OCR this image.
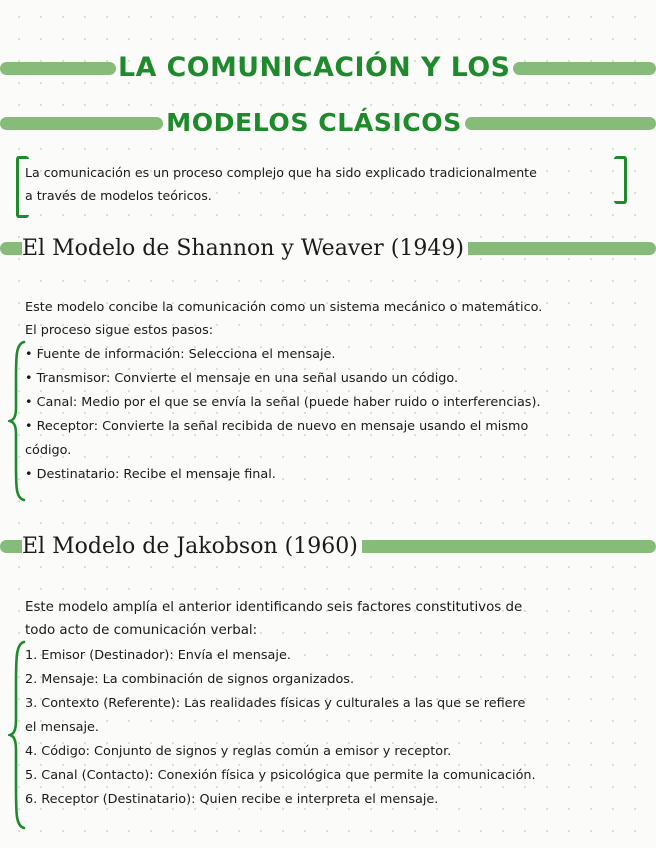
LA COMUNICACIÓN Y LOS
MODELOS CLÁSICOS

La comunicación es un proceso complejo que ha sido explicado tradicionalmente

a través de modelos teóricos.

El Modelo de Shannon y Weaver (1949)

Este modelo concibe la comunicación como un sistema mecánico o matemático.

El proceso sigue estos pasos:

• Fuente de información: Selecciona el mensaje.

• Transmisor: Convierte el mensaje en una señal usando un código.

• Canal: Medio por el que se envía la señal (puede haber ruido o interferencias).

• Receptor: Convierte la señal recibida de nuevo en mensaje usando el mismo

código.

• Destinatario: Recibe el mensaje final.

El Modelo de Jakobson (1960)

Este modelo amplía el anterior identificando seis factores constitutivos de

todo acto de comunicación verbal:

1. Emisor (Destinador): Envía el mensaje.

2. Mensaje: La combinación de signos organizados.

3. Contexto (Referente): Las realidades físicas y culturales a las que se refiere

el mensaje.

4. Código: Conjunto de signos y reglas común a emisor y receptor.

5. Canal (Contacto): Conexión física y psicológica que permite la comunicación.

6. Receptor (Destinatario): Quien recibe e interpreta el mensaje.
